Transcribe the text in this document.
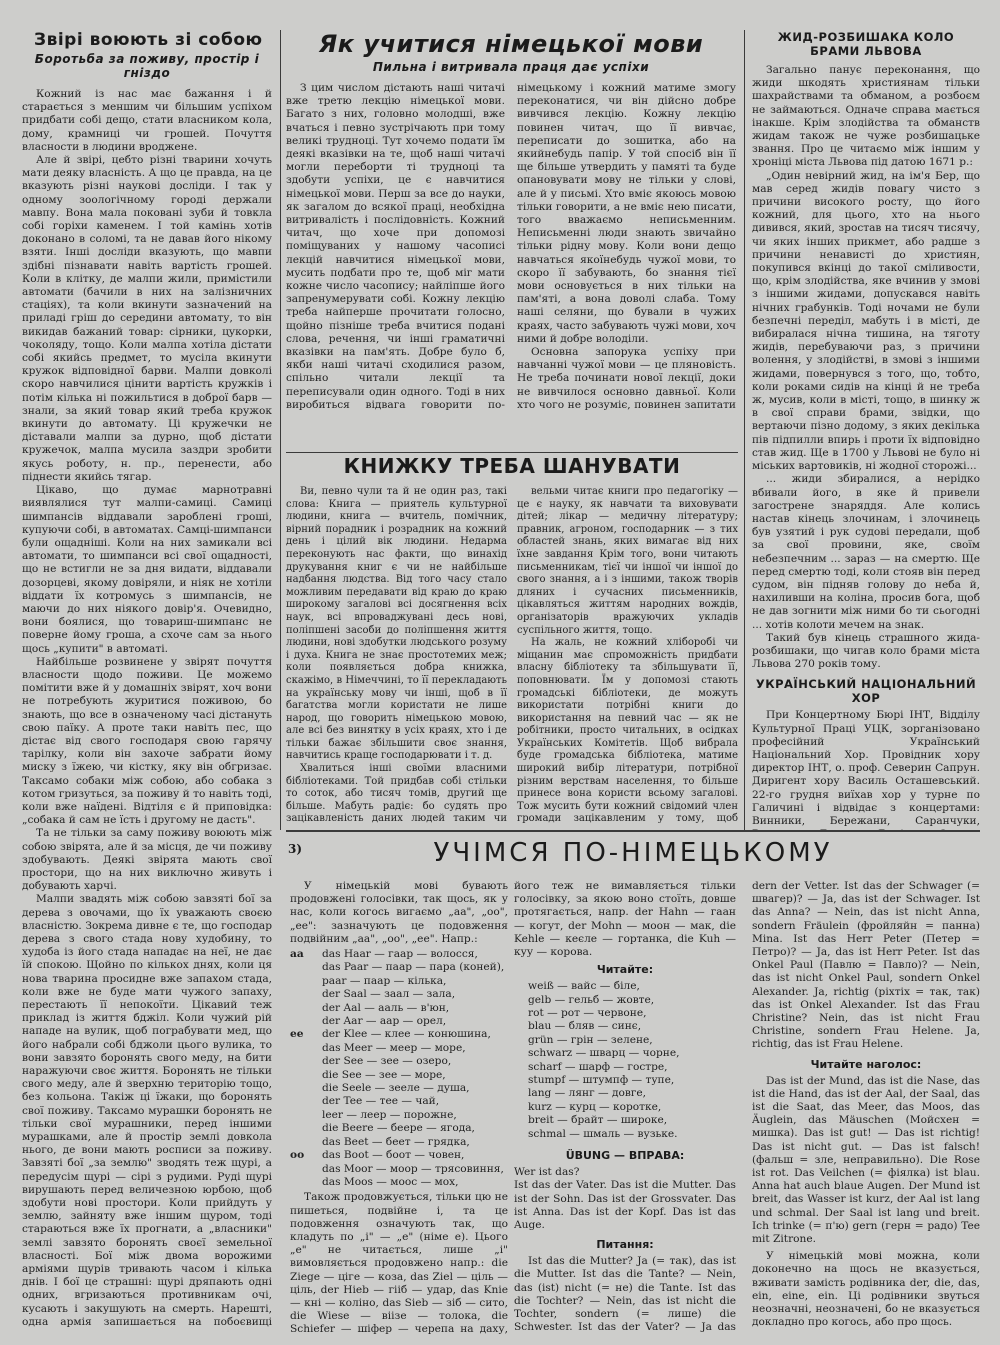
Звірі воюють зі собою
Боротьба за поживу, простір і гніздо

Кожний із нас має бажання і й старається з меншим чи більшим успіхом придбати собі дещо, стати власником кола, дому, крамниці чи грошей. Почуття власности в людини вроджене.

Але й звірі, цебто різні тварини хочуть мати деяку власність. А що це правда, на це вказують різні наукові досліди. І так у одному зоологічному городі держали мавпу. Вона мала поковані зуби й товкла собі горіхи каменем. І той камінь хотів доконано в соломі, та не давав його нікому взяти. Інші досліди вказують, що мавпи здібні пізнавати навіть вартість грошей. Коли в клітку, де малпи жили, примістили автомати (бачили в них на залізничних стаціях), та коли вкинути зазначений на приладі гріш до середини автомату, то він викидав бажаний товар: сірники, цукорки, чоколяду, тощо. Коли малпа хотіла дістати собі якийсь предмет, то мусіла вкинути кружок відповідної барви. Малпи довколі скоро навчилися цінити вартість кружків і потім кілька ні пожильтися в доброї барв — знали, за який товар який треба кружок вкинути до автомату. Ці кружечки не діставали малпи за дурно, щоб дістати кружечок, малпа мусила заздри зробити якусь роботу, н. пр., перенести, або піднести якийсь тягар.

Цікаво, що думає марнотравні виявлялися тут малпи-самиці. Самиці шимпансів віддавали зароблені гроші, купуючи собі, в автоматах. Самці-шимпанси були ощадніші. Коли на них замикали всі автомати, то шимпанси всі свої ощадності, що не встигли не за дня видати, віддавали дозорцеві, якому довіряли, и ніяк не хотіли віддати їх котромусь з шимпансів, не маючи до них ніякого довір'я. Очевидно, вони боялися, що товариш-шимпанс не поверне йому гроша, а схоче сам за нього щось „купити" в автоматі.

Найбільше розвинене у звірят почуття власности щодо поживи. Це можемо помітити вже й у домашніх звірят, хоч вони не потребують журитися поживою, бо знають, що все в означеному часі дістануть свою паїку. А проте таки навіть пес, що дістає від свого господаря свою гарячу тарілку, коли він захоче забрати йому миску з їжею, чи кістку, яку він обгризає. Таксамо собаки між собою, або собака з котом гризуться, за поживу й то навіть тоді, коли вже наїдені. Відтіля є й приповідка: „собака й сам не їсть і другому не дасть".

Та не тільки за саму поживу воюють між собою звірята, але й за місця, де чи поживу здобувають. Деякі звірята мають свої простори, що на них виключно живуть і добувають харчі.

Малпи звадять між собою завзяті бої за дерева з овочами, що їх уважають своєю власністю. Зокрема дивне є те, що господар дерева з свого стада нову худобину, то худоба із його стада нападає на неї, не дає їй спокою. Щойно по кількох днях, коли ця нова тварина просидне вже запахом стада, коли вже не буде мати чужого запаху, перестають її непокоїти. Цікавий теж приклад із життя бджіл. Коли чужий рій нападе на вулик, щоб пограбувати мед, що його набрали собі бджоли цього вулика, то вони завзято боронять свого меду, на бити наражуючи своє життя. Боронять не тільки свого меду, але й зверхню територію тощо, без кольона. Такіж ці їжаки, що боронять свої поживу. Таксамо мурашки боронять не тільки свої мурашники, перед іншими мурашками, але й простір землі довкола нього, де вони мають росписи за поживу. Завзяті бої „за землю" зводять теж щурі, а передусім щурі — сірі з рудими. Руді щурі вирушають перед величезною юрбою, щоб здобути нові простори. Коли прийдуть у землю, зайняту вже іншим щуром, тоді стараються вже їх прогнати, а „власники" землі завзято боронять своєї земельної власності. Бої між двома ворожими арміями щурів тривають часом і кілька днів. І бої це страшні: щурі дряпають одні одних, вгризаються противникам очі, кусають і закушують на смерть. Нарешті, одна армія запишається на побоєвищі

Як учитися німецької мови
Пильна і витривала праця дає успіхи

З цим числом дістають наші читачі вже третю лекцію німецької мови. Багато з них, головно молодші, вже вчаться і певно зустрічають при тому великі трудноці. Тут хочемо подати їм деякі вказівки на те, щоб наші читачі могли переборти ті трудноці та здобути успіхи, це є навчитися німецької мови. Перш за все до науки, як загалом до всякої праці, необхідна витривалість і послідовність. Кожний читач, що хоче при допомозі поміщуваних у нашому часописі лекцій навчитися німецької мови, мусить подбати про те, щоб міг мати кожне число часопису; найліпше його запренумерувати собі. Кожну лекцію треба найперше прочитати голосно, щойно пізніше треба вчитися подані слова, речення, чи інші граматичні вказівки на пам'ять. Добре було б, якби наші читачі сходилися разом, спільно читали лекції та переписували один одного. Тоді в них виробиться відвага говорити по-німецькому і кожний матиме змогу переконатися, чи він дійсно добре вивчився лекцію. Кожну лекцію повинен читач, що її вивчає, переписати до зошитка, або на якийнебудь папір. У той спосіб він її ще більше утвердить у памяті та буде опановувати мову не тільки у слові, але й у письмі. Хто вміє якоюсь мовою тільки говорити, а не вміє нею писати, того вважаємо неписьменним. Неписьменні люди знають звичайно тільки рідну мову. Коли вони дещо навчаться якоїнебудь чужої мови, то скоро її забувають, бо знання тієї мови основується в них тільки на пам'яті, а вона доволі слаба. Тому наші селяни, що бували в чужих краях, часто забувають чужі мови, хоч ними й добре володіли.

Основна запорука успіху при навчанні чужої мови — це пляновість. Не треба починати нової лекції, доки не вивчилося основно давньої. Коли хто чого не розуміє, повинен запитати

КНИЖКУ ТРЕБА ШАНУВАТИ

Ви, певно чули та й не один раз, такі слова: Книга — приятель культурної людини, книга — вчитель, помічник, вірний порадник і розрадник на кожний день і цілий вік людини. Недарма переконують нас факти, що винахід друкування книг є чи не найбільше надбання людства. Від того часу стало можливим передавати від краю до краю широкому загалові всі досягнення всіх наук, всі впроваджувані десь нові, поліпшені засоби до поліпшення життя людини, нові здобутки людського розуму і духа. Книга не знає простотемих меж; коли появляється добра книжка, скажімо, в Німеччині, то її перекладають на українську мову чи інші, щоб в її багатства могли користати не лише народ, що говорить німецькою мовою, але всі без винятку в усіх краях, хто і де тільки бажає збільшити своє знання, навчитись краще господарювати і т. д.

Хвалиться інші своїми власними бібліотеками. Той придбав собі стільки то соток, або тисяч томів, другий ще більше. Мабуть радіє: бо судять про зацікавленість даних людей таким чи

вельми читає книги про педагогіку — це є науку, як навчати та виховувати дітей; лікар — медичну літературу; правник, агроном, господарник — з тих областей знань, яких вимагає від них їхне завдання Крім того, вони читають письменникам, тієї чи іншої чи іншої до свого знання, а і з іншими, також творів дляних і сучасних письменників, цікавляться життям народних вождів, організаторів вражуючих укладів суспільного життя, тощо.

На жаль, не кожний хліборобі чи міщанин має спроможність придбати власну бібліотеку та збільшувати її, поповнювати. Їм у допомозі стають громадські бібліотеки, де можуть використати потрібні книги до використання на певний час — як не робітники, просто читальних, в осідках Українських Комітетів. Щоб вибрала буде громадська бібліотека, матиме широкий вибір літератури, потрібної різним верствам населення, то більше принесе вона користи всьому загалові. Тож мусить бути кожний свідомий член громади зацікавленим у тому, щоб

ЖИД-РОЗБИШАКА КОЛО БРАМИ ЛЬВОВА

Загально панує переконання, що жиди шкодять християнам тільки шахрайствами та обманом, а розбоєм не займаються. Одначе справа мається інакше. Крім злодійства та обманств жидам також не чуже розбишацьке звання. Про це читаємо між іншим у хроніці міста Львова під датою 1671 р.:

„Один невірний жид, на ім'я Бер, що мав серед жидів повагу чисто з причини високого росту, що його кожний, для цього, хто на нього дивився, який, зростав на тисяч тисячу, чи яких інших прикмет, або радше з причини ненависті до християн, покупився вкінці до такої сміливости, що, крім злодійства, яке вчинив у змові з іншими жидами, допускався навіть нічних грабунків. Тоді ночами не були безпечні переділ, мабуть і в місті, де вибиралася нічна тишина, на тяготу жидів, перебуваючи раз, з причини волення, у злодійстві, в змові з іншими жидами, повернувся з того, що, тобто, коли роками сидів на кінці й не треба ж, мусив, коли в місті, тощо, в шинку ж в свої справи брами, звідки, що вертаючи пізно додому, з яких декілька пів підпилли впирь і проти їх відповідно став жид. Ще в 1700 у Львові не було ні міських вартовиків, ні жодної сторожі...

... жиди збиралися, а нерідко вбивали його, в яке й привели загострене знаряддя. Але колись настав кінець злочинам, і злочинець був узятий і рук судові передали, щоб за свої провини, яке, своїм небезпечним ... зараз — на смертю. Ще перед смертю тоді, коли стояв він перед судом, він підняв голову до неба й, нахиливши на коліна, просив бога, щоб не дав зогнити між ними бо ти сьогодні ... хотів колоти мечем на знак.

Такий був кінець страшного жида-розбишаки, що чигав коло брами міста Львова 270 років тому.

УКРАЇНСЬКИЙ НАЦІОНАЛЬНИЙ ХОР

При Концертному Бюрі ІНТ, Відділу Культурної Праці УЦК, зорганізовано професійний Український Національний Хор. Провідник хору директор ІНТ, о. проф. Северин Сапрун. Диригент хору Василь Осташевський. 22-го грудня виїхав хор у турне по Галичині і відвідає з концертами: Винники, Бережани, Саранчуки,

3)	УЧІМСЯ ПО-НІМЕЦЬКОМУ

У німецькій мові бувають продовжені голосівки, так щось, як у нас, коли когось вигаємо „аа", „оо", „ее": зазначують це подовження подвійним „аа", „оо", „ее". Напр.:

aa	das Haar — гаар — волосся,
das Paar — паар — пара (коней),
paar — паар — кілька,
der Saal — заал — зала,
der Aal — ааль — в'юн,
der Aar — аар — орел,
ee	der Klee — клее — конюшина,
das Meer — меер — море,
der See — зее — озеро,
die See — зее — море,
die Seele — зееле — душа,
der Tee — тее — чай,
leer — леер — порожне,
die Beere — беере — ягода,
das Beet — беет — грядка,
oo	das Boot — боот — човен,
das Moor — моор — трясовиння,
das Moos — моос — мох,

Також продовжується, тільки цю не пишеться, подвійне і, та це подовження означують так, що кладуть по „і" — „е" (німе е). Цього „е" не читається, лише „і" вимовляється продовжено напр.: die Ziege — ціге — коза, das Ziel — ціль — ціль, der Hieb — гііб — удар, das Knie — кні — коліно, das Sieb — зіб — сито, die Wiese — віізе — толока, die Schiefer — шіфер — черепа на даху,

його теж не вимавляється тільки голосівку, за якою воно стоїть, довше протягається, напр. der Hahn — гаан — когут, der Mohn — моон — мак, die Kehle — кеєле — гортанка, die Kuh — куу — корова.

Читайте:
weiß — вайс — біле,
gelb — гельб — жовте,
rot — рот — червоне,
blau — бляв — синє,
grün — грін — зелене,
schwarz — шварц — чорне,
scharf — шарф — гостре,
stumpf — штумпф — тупе,
lang — лянг — довге,
kurz — курц — коротке,
breit — брайт — широке,
schmal — шмаль — вузьке.
ÜBUNG — ВПРАВА:

Wer ist das?
Ist das der Vater. Das ist die Mutter. Das ist der Sohn. Das ist der Grossvater. Das ist Anna. Das ist der Kopf. Das ist das Auge.

Питання:

Ist das die Mutter? Ja (= так), das ist die Mutter. Ist das die Tante? — Nein, das (ist) nicht (= не) die Tante. Ist das die Tochter? — Nein, das ist nicht die Tochter, sondern (= лише) die Schwester. Ist das der Vater? — Ja das

dern der Vetter. Ist das der Schwager (= швагер)? — Ja, das ist der Schwager. Ist das Anna? — Nein, das ist nicht Anna, sondern Fräulein (фройляйн = панна) Mina. Ist das Herr Peter (Петер = Петро)? — Ja, das ist Herr Peter. Ist das Onkel Paul (Павлю = Павло)? — Nein, das ist nicht Onkel Paul, sondern Onkel Alexander. Ja, richtig (ріхтіх = так, так) das ist Onkel Alexander. Ist das Frau Christine? Nein, das ist nicht Frau Christine, sondern Frau Helene. Ja, richtig, das ist Frau Helene.

Читайте наголос:

Das ist der Mund, das ist die Nase, das ist die Hand, das ist der Aal, der Saal, das ist die Saat, das Meer, das Moos, das Äuglein, das Mäuschen (Мойсхен = мишка). Das ist gut! — Das ist richtig! Das ist nicht gut. — Das ist falsch! (фальш = зле, неправильно). Die Rose ist rot. Das Veilchen (= фіялка) ist blau. Anna hat auch blaue Augen. Der Mund ist breit, das Wasser ist kurz, der Aal ist lang und schmal. Der Saal ist lang und breit. Ich trinke (= п'ю) gern (герн = радо) Tee mit Zitrone.

У німецькій мові можна, коли доконечно на щось не вказується, вживати замість родівника der, die, das, ein, eine, ein. Ці родівники звуться неозначні, неозначені, бо не вказується докладно про когось, або про щось.
